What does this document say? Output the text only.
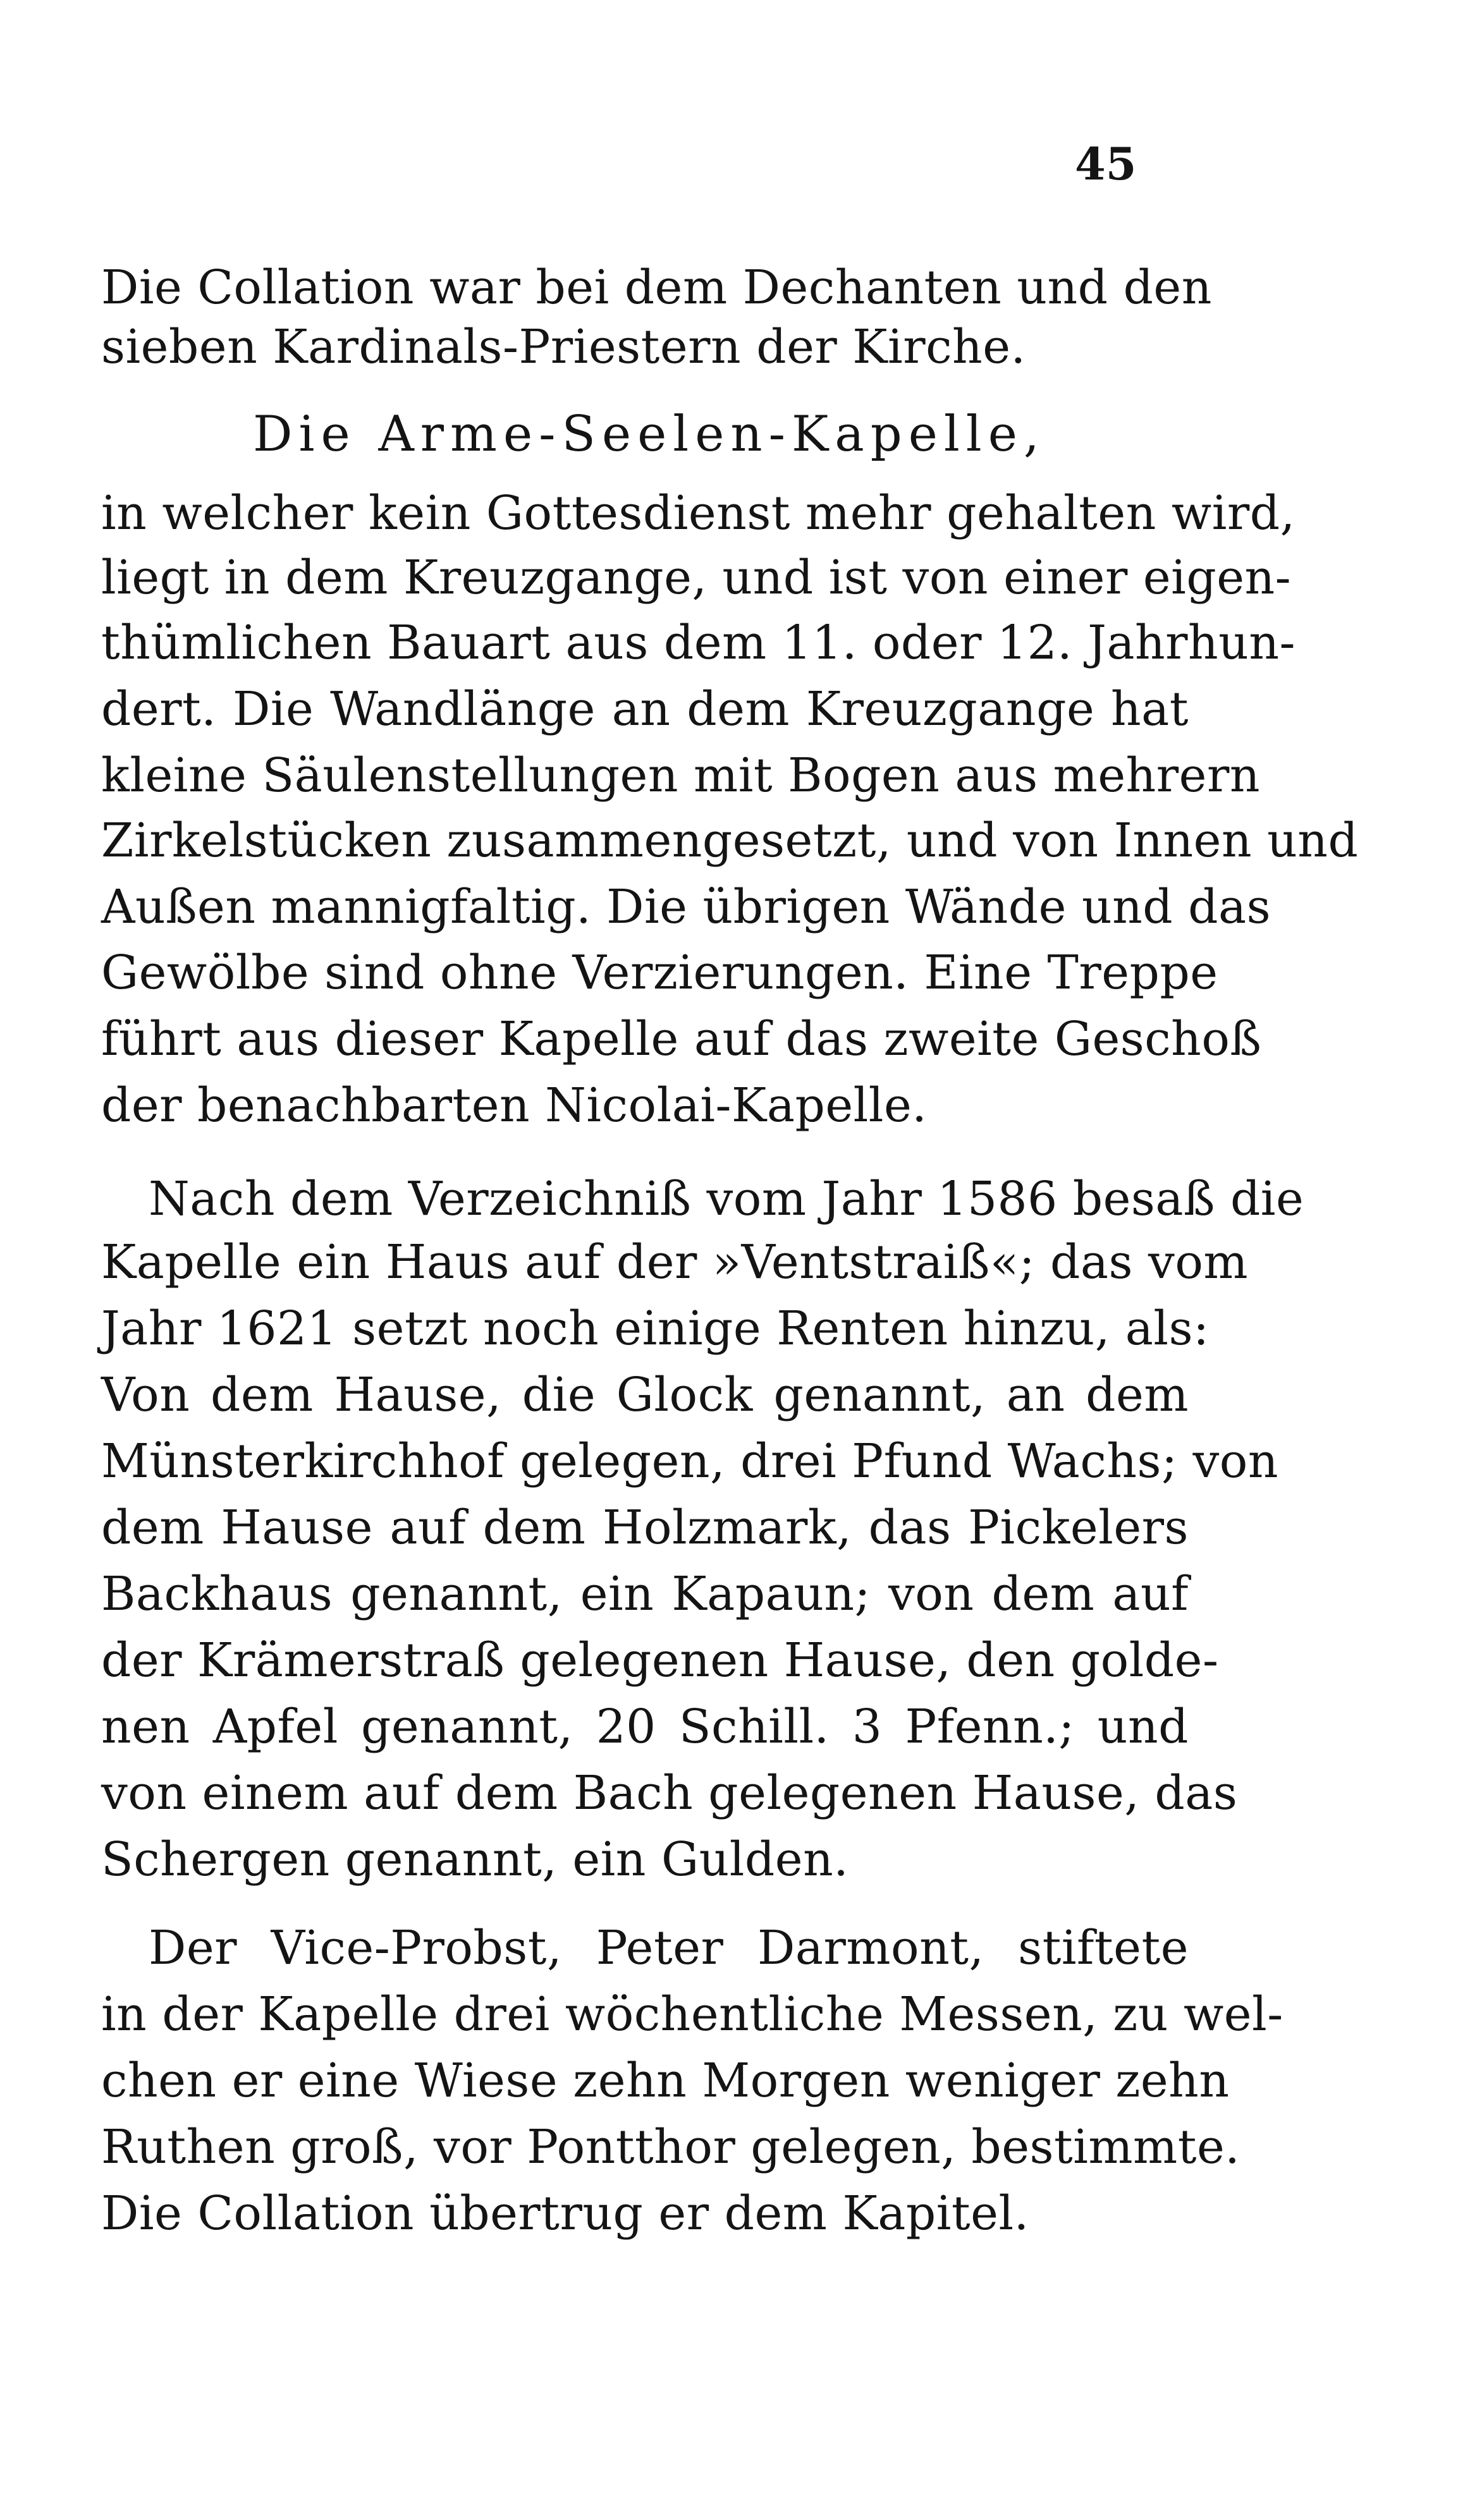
45
Die Collation war bei dem Dechanten und den
sieben Kardinals-Priestern der Kirche.
Die Arme-Seelen-Kapelle,
in welcher kein Gottesdienst mehr gehalten wird,
liegt in dem Kreuzgange, und ist von einer eigen-
thümlichen Bauart aus dem 11. oder 12. Jahrhun-
dert. Die Wandlänge an dem Kreuzgange hat
kleine Säulenstellungen mit Bogen aus mehrern
Zirkelstücken zusammengesetzt, und von Innen und
Außen mannigfaltig. Die übrigen Wände und das
Gewölbe sind ohne Verzierungen. Eine Treppe
führt aus dieser Kapelle auf das zweite Geschoß
der benachbarten Nicolai-Kapelle.
Nach dem Verzeichniß vom Jahr 1586 besaß die
Kapelle ein Haus auf der »Ventstraiß«; das vom
Jahr 1621 setzt noch einige Renten hinzu, als:
Von dem Hause, die Glock genannt, an dem
Münsterkirchhof gelegen, drei Pfund Wachs; von
dem Hause auf dem Holzmark, das Pickelers
Backhaus genannt, ein Kapaun; von dem auf
der Krämerstraß gelegenen Hause, den golde-
nen Apfel genannt, 20 Schill. 3 Pfenn.; und
von einem auf dem Bach gelegenen Hause, das
Schergen genannt, ein Gulden.
Der Vice-Probst, Peter Darmont, stiftete
in der Kapelle drei wöchentliche Messen, zu wel-
chen er eine Wiese zehn Morgen weniger zehn
Ruthen groß, vor Pontthor gelegen, bestimmte.
Die Collation übertrug er dem Kapitel.
